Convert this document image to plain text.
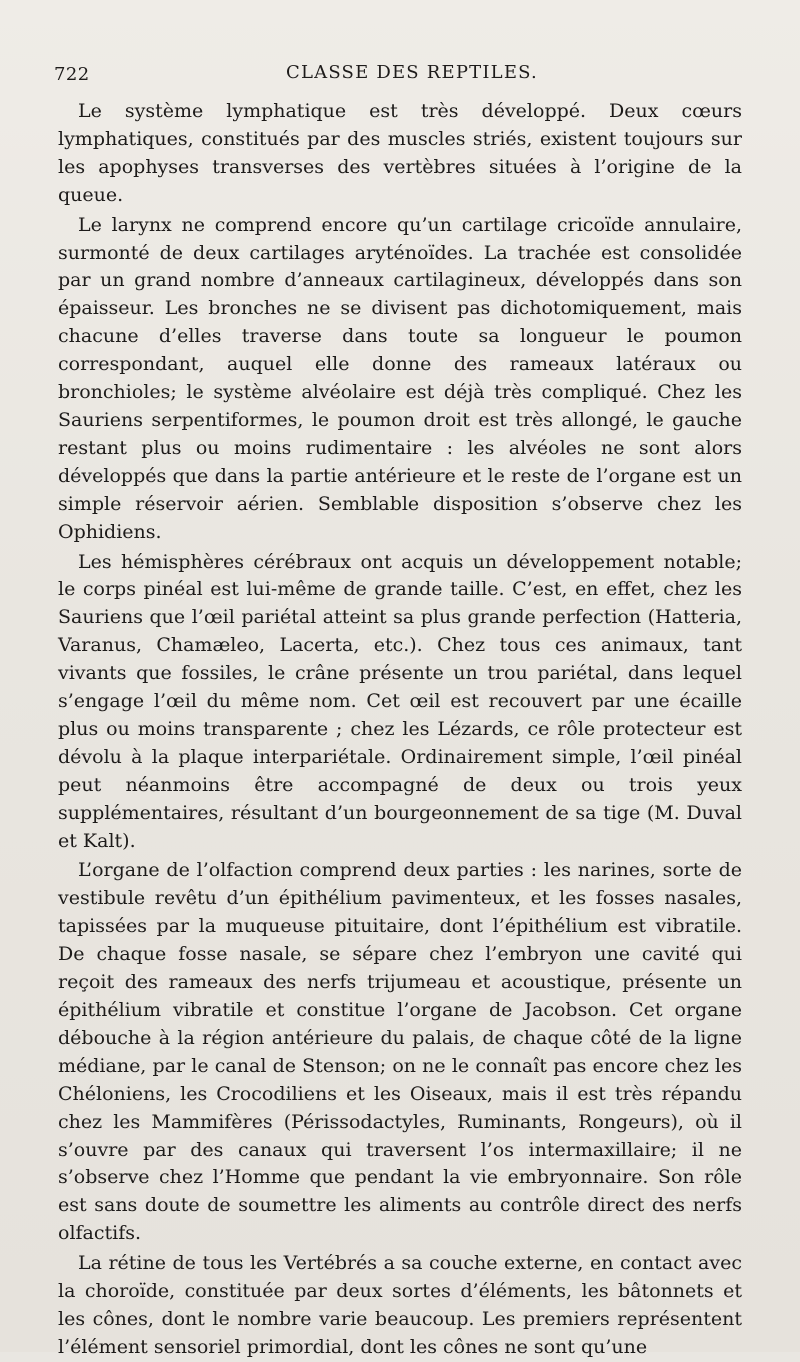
722	CLASSE DES REPTILES.

Le système lymphatique est très développé. Deux cœurs lymphatiques, constitués par des muscles striés, existent toujours sur les apophyses transverses des vertèbres situées à l’origine de la queue.

Le larynx ne comprend encore qu’un cartilage cricoïde annulaire, surmonté de deux cartilages aryténoïdes. La trachée est consolidée par un grand nombre d’anneaux cartilagineux, développés dans son épaisseur. Les bronches ne se divisent pas dichotomiquement, mais chacune d’elles traverse dans toute sa longueur le poumon correspondant, auquel elle donne des rameaux latéraux ou bronchioles; le système alvéolaire est déjà très compliqué. Chez les Sauriens serpentiformes, le poumon droit est très allongé, le gauche restant plus ou moins rudimentaire : les alvéoles ne sont alors développés que dans la partie antérieure et le reste de l’organe est un simple réservoir aérien. Semblable disposition s’observe chez les Ophidiens.

Les hémisphères cérébraux ont acquis un développement notable; le corps pinéal est lui-même de grande taille. C’est, en effet, chez les Sauriens que l’œil pariétal atteint sa plus grande perfection (Hatteria, Varanus, Chamæleo, Lacerta, etc.). Chez tous ces animaux, tant vivants que fossiles, le crâne présente un trou pariétal, dans lequel s’engage l’œil du même nom. Cet œil est recouvert par une écaille plus ou moins transparente ; chez les Lézards, ce rôle protecteur est dévolu à la plaque interpariétale. Ordinairement simple, l’œil pinéal peut néanmoins être accompagné de deux ou trois yeux supplémentaires, résultant d’un bourgeonnement de sa tige (M. Duval et Kalt).

L’organe de l’olfaction comprend deux parties : les narines, sorte de vestibule revêtu d’un épithélium pavimenteux, et les fosses nasales, tapissées par la muqueuse pituitaire, dont l’épithélium est vibratile. De chaque fosse nasale, se sépare chez l’embryon une cavité qui reçoit des rameaux des nerfs trijumeau et acoustique, présente un épithélium vibratile et constitue l’organe de Jacobson. Cet organe débouche à la région antérieure du palais, de chaque côté de la ligne médiane, par le canal de Stenson; on ne le connaît pas encore chez les Chéloniens, les Crocodiliens et les Oiseaux, mais il est très répandu chez les Mammifères (Périssodactyles, Ruminants, Rongeurs), où il s’ouvre par des canaux qui traversent l’os intermaxillaire; il ne s’observe chez l’Homme que pendant la vie embryonnaire. Son rôle est sans doute de soumettre les aliments au contrôle direct des nerfs olfactifs.

La rétine de tous les Vertébrés a sa couche externe, en contact avec la choroïde, constituée par deux sortes d’éléments, les bâtonnets et les cônes, dont le nombre varie beaucoup. Les premiers représentent l’élément sensoriel primordial, dont les cônes ne sont qu’une
